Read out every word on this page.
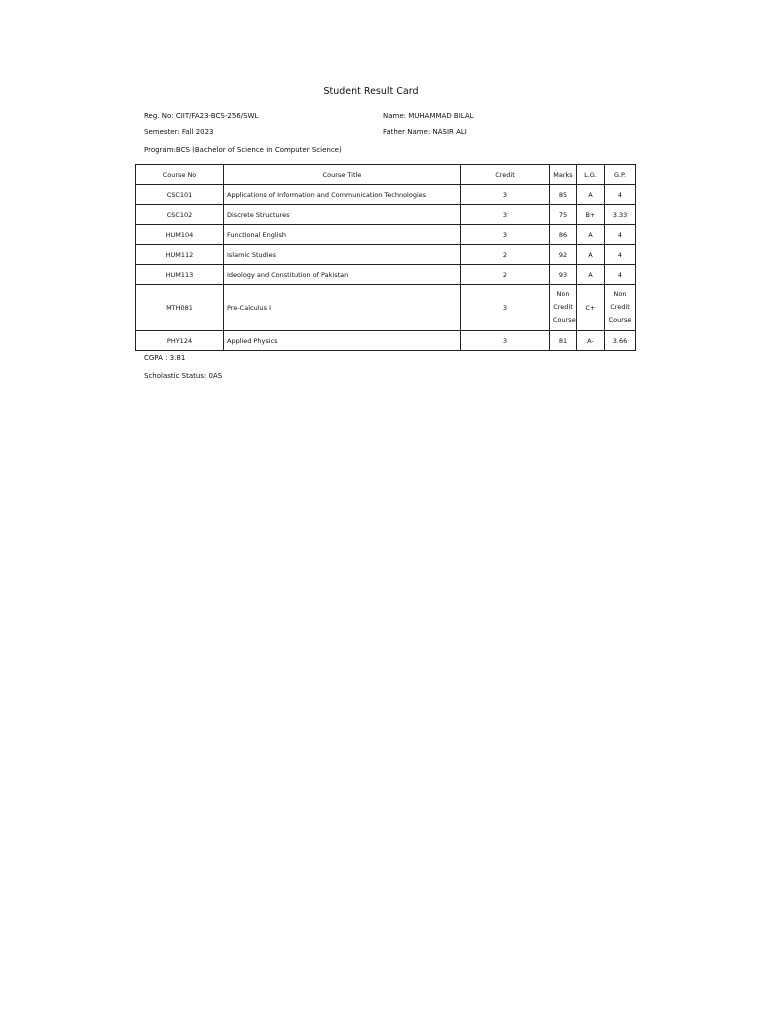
Student Result Card
Reg. No: CIIT/FA23-BCS-256/SWL	Name: MUHAMMAD BILAL
Semester: Fall 2023	Father Name: NASIR ALI
Program:BCS (Bachelor of Science in Computer Science)
Course No	Course Title	Credit	Marks	L.G.	G.P.
CSC101	Applications of Information and Communication Technologies	3	85	A	4
CSC102	Discrete Structures	3	75	B+	3.33
HUM104	Functional English	3	86	A	4
HUM112	Islamic Studies	2	92	A	4
HUM113	Ideology and Constitution of Pakistan	2	93	A	4
MTH081	Pre-Calculus I	3	Non Credit Course	C+	Non Credit Course
PHY124	Applied Physics	3	81	A-	3.66
CGPA : 3.81
Scholastic Status: 0AS
